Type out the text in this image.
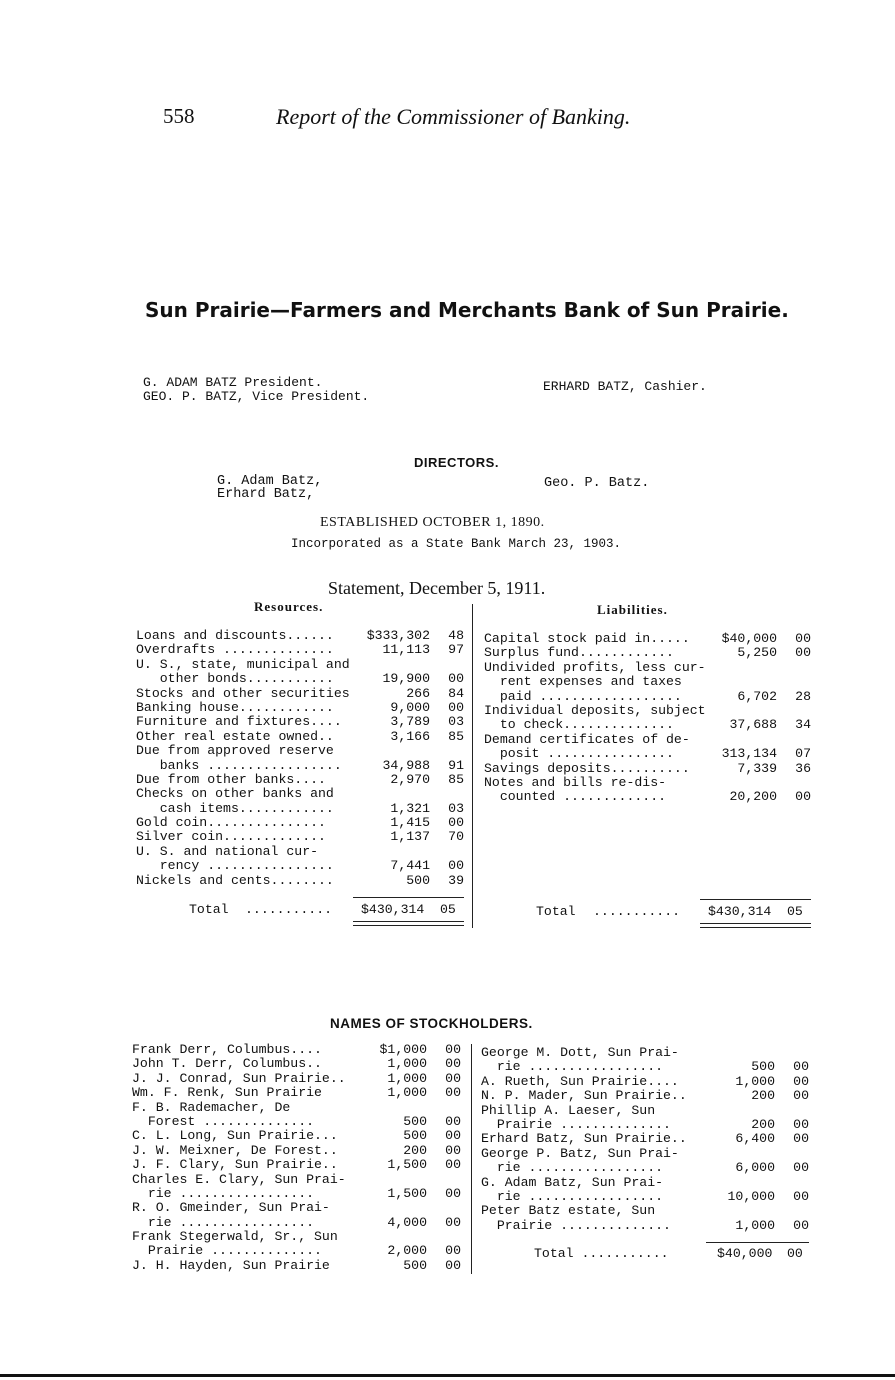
558	Report of the Commissioner of Banking.
Sun Prairie—Farmers and Merchants Bank of Sun Prairie.
G. ADAM BATZ President.
GEO. P. BATZ, Vice President.
ERHARD BATZ, Cashier.
DIRECTORS.
G. Adam Batz,
Erhard Batz,
Geo. P. Batz.
ESTABLISHED OCTOBER 1, 1890.
Incorporated as a State Bank March 23, 1903.
Statement, December 5, 1911.
Resources.	Liabilities.
Loans and discounts...... $333,302	48
Overdrafts ..............	11,113	97
U. S., state, municipal and
other bonds...........	19,900	00
Stocks and other securities	266	84
Banking house............	9,000	00
Furniture and fixtures....	3,789	03
Other real estate owned..	3,166	85
Due from approved reserve
banks .................	34,988	91
Due from other banks....	2,970	85
Checks on other banks and
cash items............	1,321	03
Gold coin...............	1,415	00
Silver coin.............	1,137	70
U. S. and national cur-
rency ................	7,441	00
Nickels and cents........	500	39
Capital stock paid in..... $40,000	00
Surplus fund............	5,250	00
Undivided profits, less cur-
rent expenses and taxes
paid ..................	6,702	28
Individual deposits, subject
to check..............	37,688	34
Demand certificates of de-
posit ................	313,134	07
Savings deposits..........	7,339	36
Notes and bills re-dis-
counted .............	20,200	00
Total ........... $430,314 05	Total ........... $430,314 05
NAMES OF STOCKHOLDERS.
Frank Derr, Columbus....	$1,000	00
John T. Derr, Columbus..	1,000	00
J. J. Conrad, Sun Prairie..	1,000	00
Wm. F. Renk, Sun Prairie	1,000	00
F. B. Rademacher, De
Forest ..............	500	00
C. L. Long, Sun Prairie...	500	00
J. W. Meixner, De Forest..	200	00
J. F. Clary, Sun Prairie..	1,500	00
Charles E. Clary, Sun Prai-
rie .................	1,500	00
R. O. Gmeinder, Sun Prai-
rie .................	4,000	00
Frank Stegerwald, Sr., Sun
Prairie ..............	2,000	00
J. H. Hayden, Sun Prairie	500	00
George M. Dott, Sun Prai-
rie .................	500	00
A. Rueth, Sun Prairie....	1,000	00
N. P. Mader, Sun Prairie..	200	00
Phillip A. Laeser, Sun
Prairie ..............	200	00
Erhard Batz, Sun Prairie..	6,400	00
George P. Batz, Sun Prai-
rie .................	6,000	00
G. Adam Batz, Sun Prai-
rie .................	10,000	00
Peter Batz estate, Sun
Prairie ..............	1,000	00
Total ...........	$40,000 00
